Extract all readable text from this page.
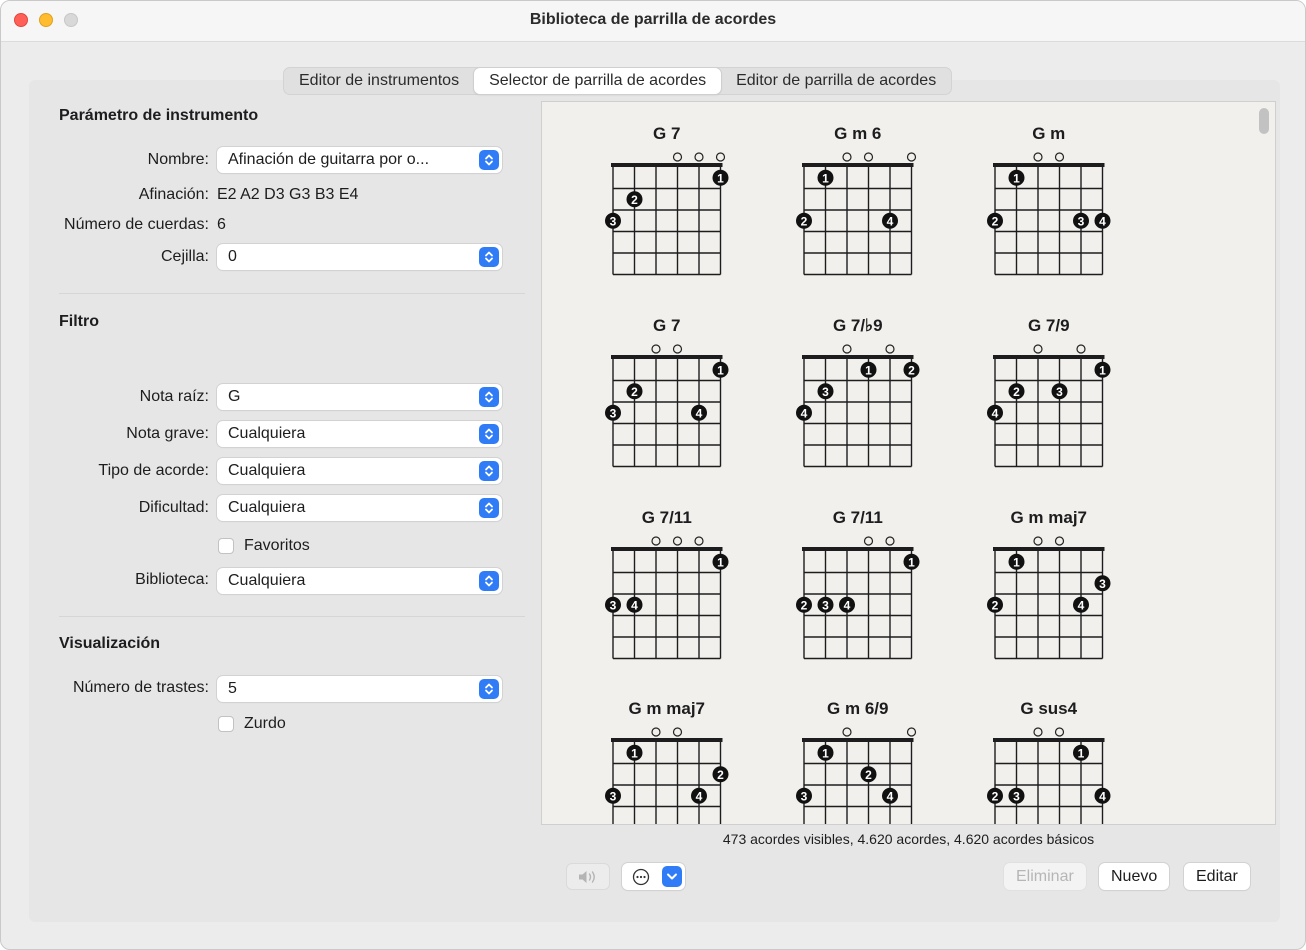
Biblioteca de parrilla de acordes
Editor de instrumentos	Selector de parrilla de acordes	Editor de parrilla de acordes
Parámetro de instrumento
Nombre: Afinación de guitarra por o...
Afinación: E2 A2 D3 G3 B3 E4
Número de cuerdas: 6
Cejilla: 0
Filtro
Nota raíz: G
Nota grave: Cualquiera
Tipo de acorde: Cualquiera
Dificultad: Cualquiera
Favoritos
Biblioteca: Cualquiera
Visualización
Número de trastes: 5
Zurdo
G 7
1
2
3
G m 6
1
2	4
G m
1
2	3 4
G 7
1
2
3	4
G 7/♭9
1	2
3
4
G 7/9
1
2	3
4
G 7/11
1
3 4
G 7/11
1
2 3 4
G m maj7
1
3
2	4
G m maj7
1
2
3	4
G m 6/9
1
2
3	4
G sus4
1
2 3	4
473 acordes visibles, 4.620 acordes, 4.620 acordes básicos
Eliminar	Nuevo	Editar
